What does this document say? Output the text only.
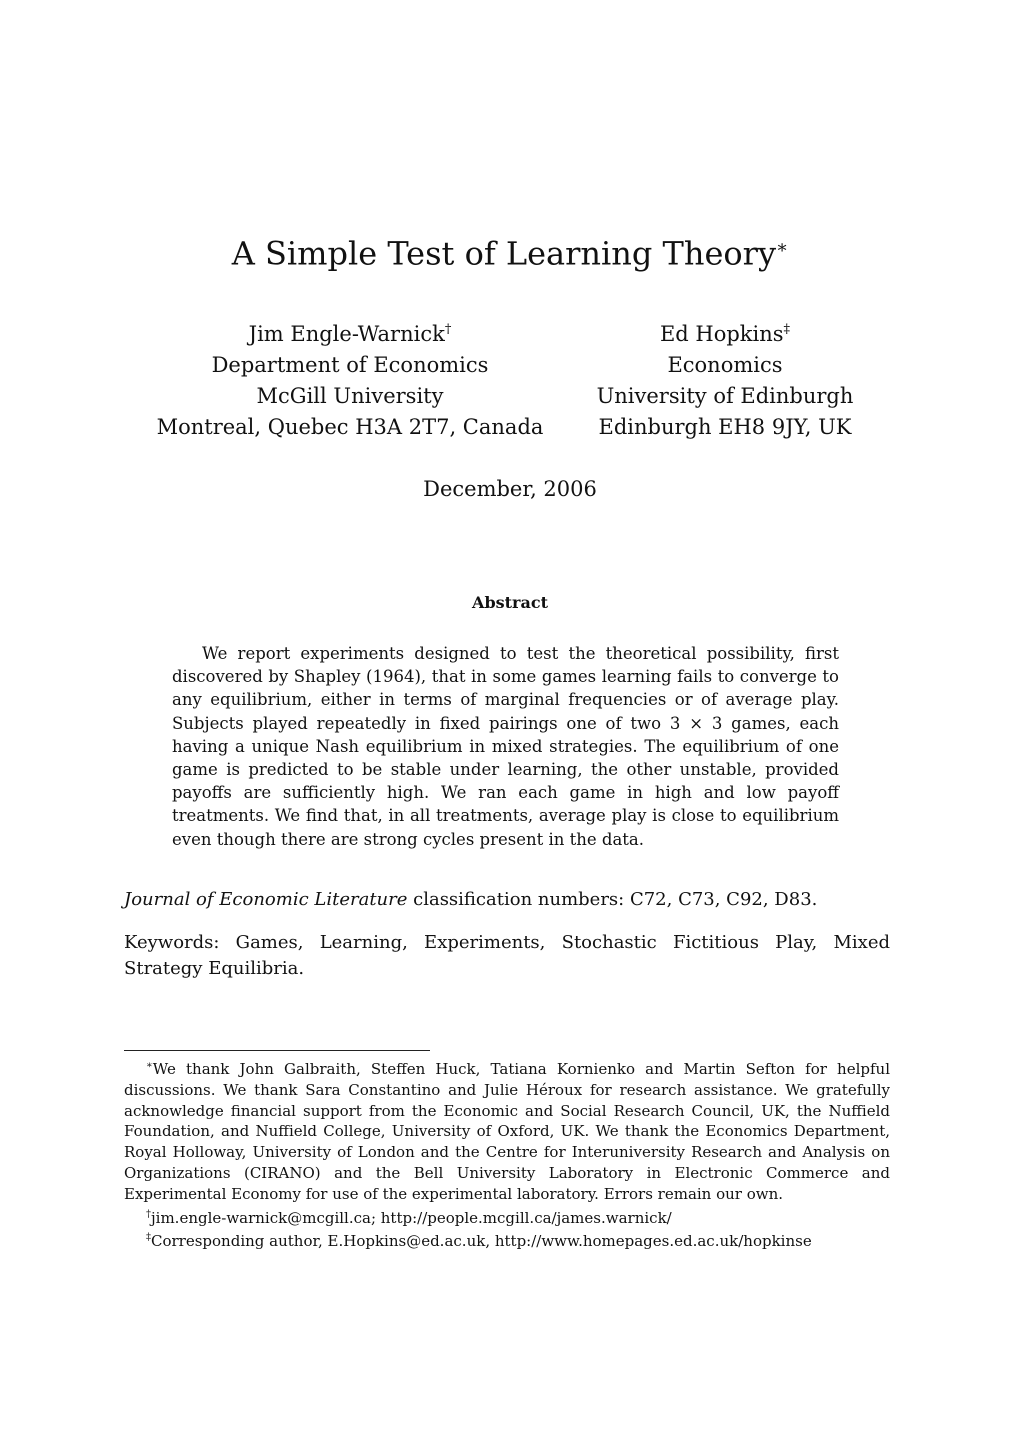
A Simple Test of Learning Theory∗
Jim Engle-Warnick†
Department of Economics
McGill University
Montreal, Quebec H3A 2T7, Canada
Ed Hopkins‡
Economics
University of Edinburgh
Edinburgh EH8 9JY, UK
December, 2006
Abstract

We report experiments designed to test the theoretical possibility, first discovered by Shapley (1964), that in some games learning fails to converge to any equilibrium, either in terms of marginal frequencies or of average play. Subjects played repeatedly in fixed pairings one of two 3 × 3 games, each having a unique Nash equilibrium in mixed strategies. The equilibrium of one game is predicted to be stable under learning, the other unstable, provided payoffs are sufficiently high. We ran each game in high and low payoff treatments. We find that, in all treatments, average play is close to equilibrium even though there are strong cycles present in the data.

Journal of Economic Literature classification numbers: C72, C73, C92, D83.

Keywords: Games, Learning, Experiments, Stochastic Fictitious Play, Mixed Strategy Equilibria.

∗We thank John Galbraith, Steffen Huck, Tatiana Kornienko and Martin Sefton for helpful discussions. We thank Sara Constantino and Julie Héroux for research assistance. We gratefully acknowledge financial support from the Economic and Social Research Council, UK, the Nuffield Foundation, and Nuffield College, University of Oxford, UK. We thank the Economics Department, Royal Holloway, University of London and the Centre for Interuniversity Research and Analysis on Organizations (CIRANO) and the Bell University Laboratory in Electronic Commerce and Experimental Economy for use of the experimental laboratory. Errors remain our own.

†jim.engle-warnick@mcgill.ca; http://people.mcgill.ca/james.warnick/

‡Corresponding author, E.Hopkins@ed.ac.uk, http://www.homepages.ed.ac.uk/hopkinse
